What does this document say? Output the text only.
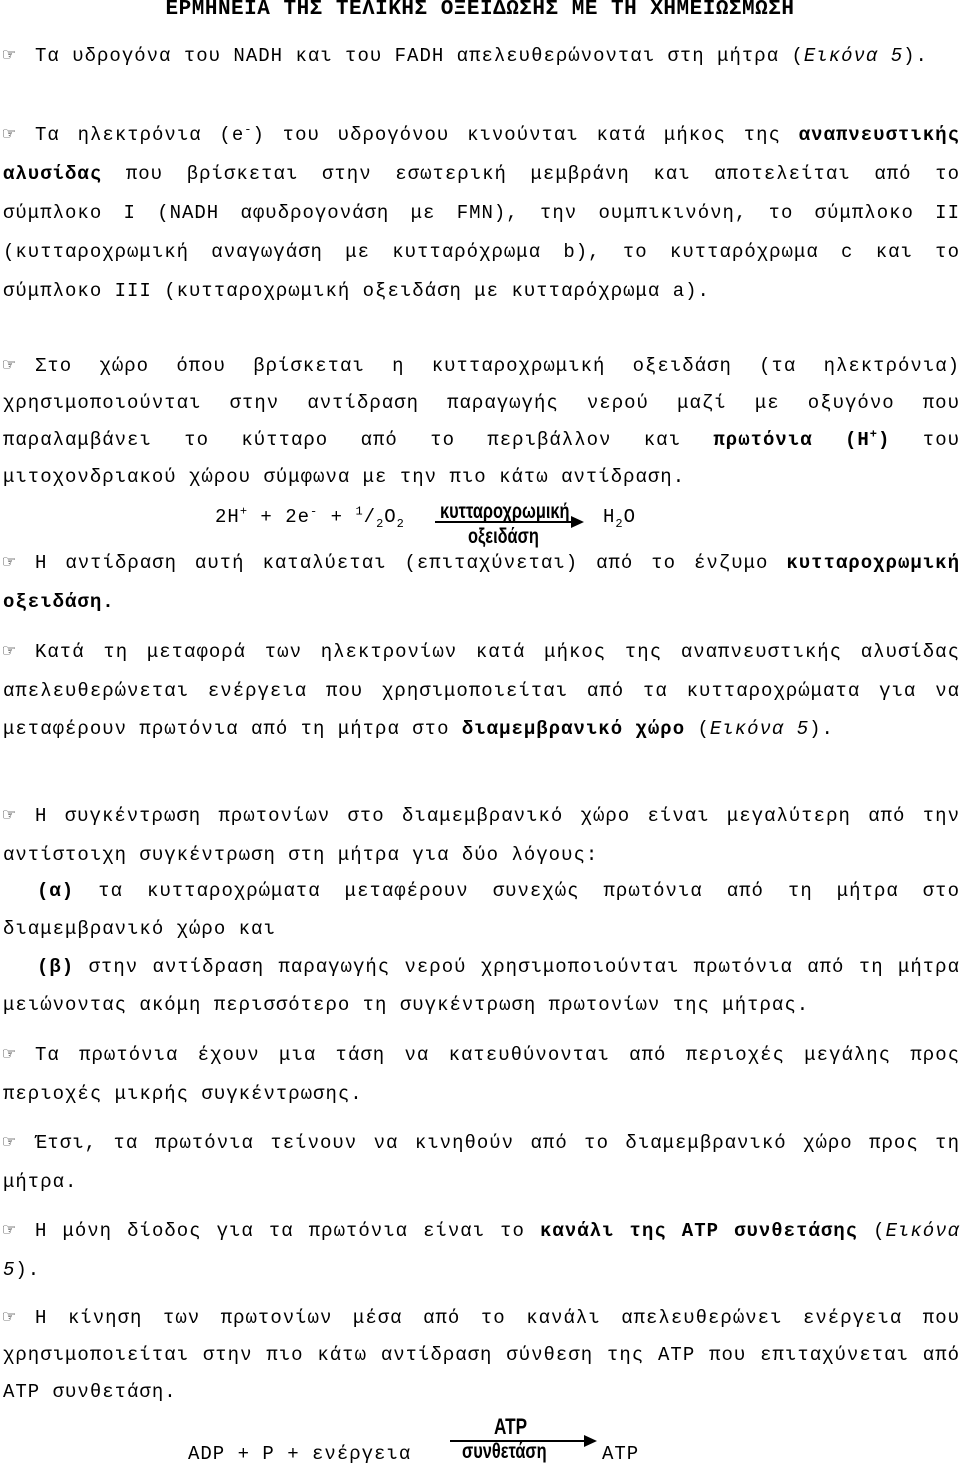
ΕΡΜΗΝΕΙΑ ΤΗΣ ΤΕΛΙΚΗΣ ΟΞΕΙΔΩΣΗΣ ΜΕ ΤΗ ΧΗΜΕΙΩΣΜΩΣΗ
☞ Τα υδρογόνα του NADH και του FADH απελευθερώνονται στη μήτρα (Εικόνα 5).
☞ Τα ηλεκτρόνια (e-) του υδρογόνου κινούνται κατά μήκος της αναπνευστικής αλυσίδας που βρίσκεται στην εσωτερική μεμβράνη και αποτελείται από το σύμπλοκο I (NADH αφυδρογονάση με FMN), την ουμπικινόνη, το σύμπλοκο II (κυτταροχρωμική αναγωγάση με κυτταρόχρωμα b), το κυτταρόχρωμα c και το σύμπλοκο III (κυτταροχρωμική οξειδάση με κυτταρόχρωμα a).
☞ Στο χώρο όπου βρίσκεται η κυτταροχρωμική οξειδάση (τα ηλεκτρόνια) χρησιμοποιούνται στην αντίδραση παραγωγής νερού μαζί με οξυγόνο που παραλαμβάνει το κύτταρο από το περιβάλλον και πρωτόνια (H+) του μιτοχονδριακού χώρου σύμφωνα με την πιο κάτω αντίδραση.
$2H^+ + 2e^- + ^1/_2O_2$
κυτταροχρωμική
οξειδάση
$H_2O$
☞ Η αντίδραση αυτή καταλύεται (επιταχύνεται) από το ένζυμο κυτταροχρωμική οξειδάση.
☞ Κατά τη μεταφορά των ηλεκτρονίων κατά μήκος της αναπνευστικής αλυσίδας απελευθερώνεται ενέργεια που χρησιμοποιείται από τα κυτταροχρώματα για να μεταφέρουν πρωτόνια από τη μήτρα στο διαμεμβρανικό χώρο (Εικόνα 5).
☞ Η συγκέντρωση πρωτονίων στο διαμεμβρανικό χώρο είναι μεγαλύτερη από την αντίστοιχη συγκέντρωση στη μήτρα για δύο λόγους:
(α) τα κυτταροχρώματα μεταφέρουν συνεχώς πρωτόνια από τη μήτρα στο διαμεμβρανικό χώρο και
(β) στην αντίδραση παραγωγής νερού χρησιμοποιούνται πρωτόνια από τη μήτρα μειώνοντας ακόμη περισσότερο τη συγκέντρωση πρωτονίων της μήτρας.
☞ Τα πρωτόνια έχουν μια τάση να κατευθύνονται από περιοχές μεγάλης προς περιοχές μικρής συγκέντρωσης.
☞ Έτσι, τα πρωτόνια τείνουν να κινηθούν από το διαμεμβρανικό χώρο προς τη μήτρα.
☞ Η μόνη δίοδος για τα πρωτόνια είναι το κανάλι της ATP συνθετάσης (Εικόνα 5).
☞ Η κίνηση των πρωτονίων μέσα από το κανάλι απελευθερώνει ενέργεια που χρησιμοποιείται στην πιο κάτω αντίδραση σύνθεση της ATP που επιταχύνεται από ATP συνθετάση.
ADP + P + ενέργεια
ATP
συνθετάση	ATP
